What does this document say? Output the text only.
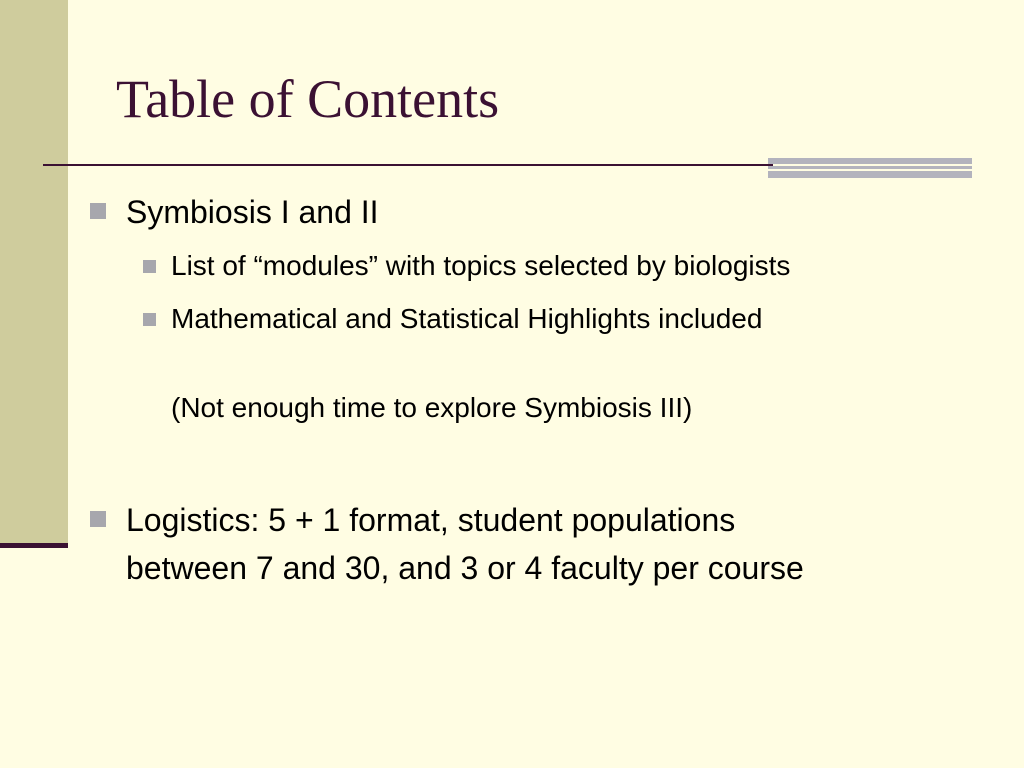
Table of Contents
Symbiosis I and II
List of “modules” with topics selected by biologists
Mathematical and Statistical Highlights included
(Not enough time to explore Symbiosis III)
Logistics: 5 + 1 format, student populations
between 7 and 30, and 3 or 4 faculty per course
